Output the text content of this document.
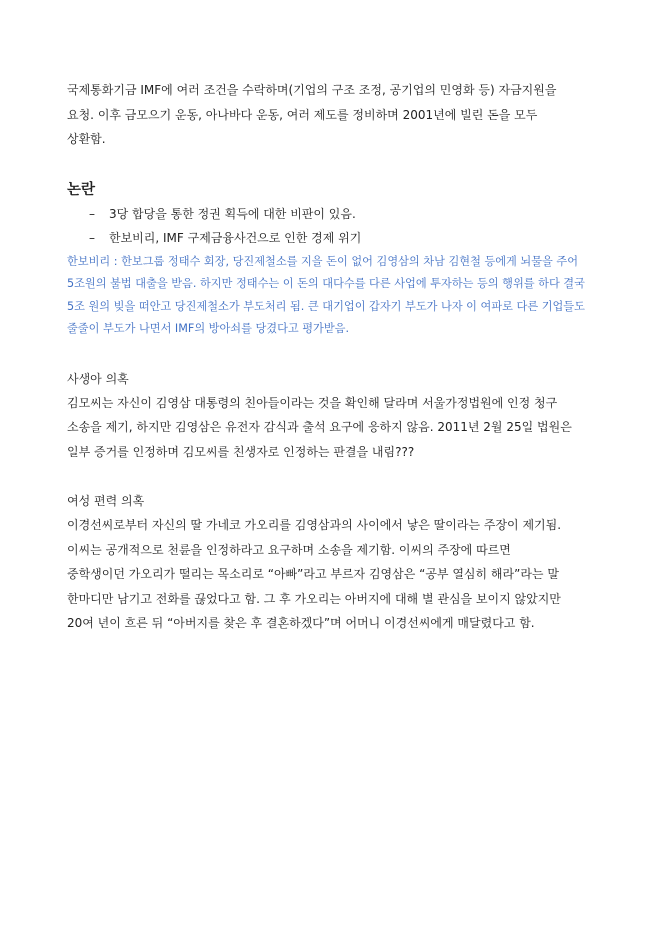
국제통화기금 IMF에 여러 조건을 수락하며(기업의 구조 조정, 공기업의 민영화 등) 자금지원을

요청. 이후 금모으기 운동, 아나바다 운동, 여러 제도를 정비하며 2001년에 빌린 돈을 모두

상환함.

논란

– 3당 합당을 통한 정권 획득에 대한 비판이 있음.

– 한보비리, IMF 구제금융사건으로 인한 경제 위기

한보비리 : 한보그룹 정태수 회장, 당진제철소를 지을 돈이 없어 김영삼의 차남 김현철 등에게 뇌물을 주어

5조원의 불법 대출을 받음. 하지만 정태수는 이 돈의 대다수를 다른 사업에 투자하는 등의 행위를 하다 결국

5조 원의 빚을 떠안고 당진제철소가 부도처리 됨. 큰 대기업이 갑자기 부도가 나자 이 여파로 다른 기업들도

줄줄이 부도가 나면서 IMF의 방아쇠를 당겼다고 평가받음.

사생아 의혹

김모씨는 자신이 김영삼 대통령의 친아들이라는 것을 확인해 달라며 서울가정법원에 인정 청구

소송을 제기, 하지만 김영삼은 유전자 감식과 출석 요구에 응하지 않음. 2011년 2월 25일 법원은

일부 증거를 인정하며 김모씨를 친생자로 인정하는 판결을 내림???

여성 편력 의혹

이경선씨로부터 자신의 딸 가네코 가오리를 김영삼과의 사이에서 낳은 딸이라는 주장이 제기됨.

이씨는 공개적으로 천륜을 인정하라고 요구하며 소송을 제기함. 이씨의 주장에 따르면

중학생이던 가오리가 떨리는 목소리로 “아빠”라고 부르자 김영삼은 “공부 열심히 해라”라는 말

한마디만 남기고 전화를 끊었다고 함. 그 후 가오리는 아버지에 대해 별 관심을 보이지 않았지만

20여 년이 흐른 뒤 “아버지를 찾은 후 결혼하겠다”며 어머니 이경선씨에게 매달렸다고 함.
